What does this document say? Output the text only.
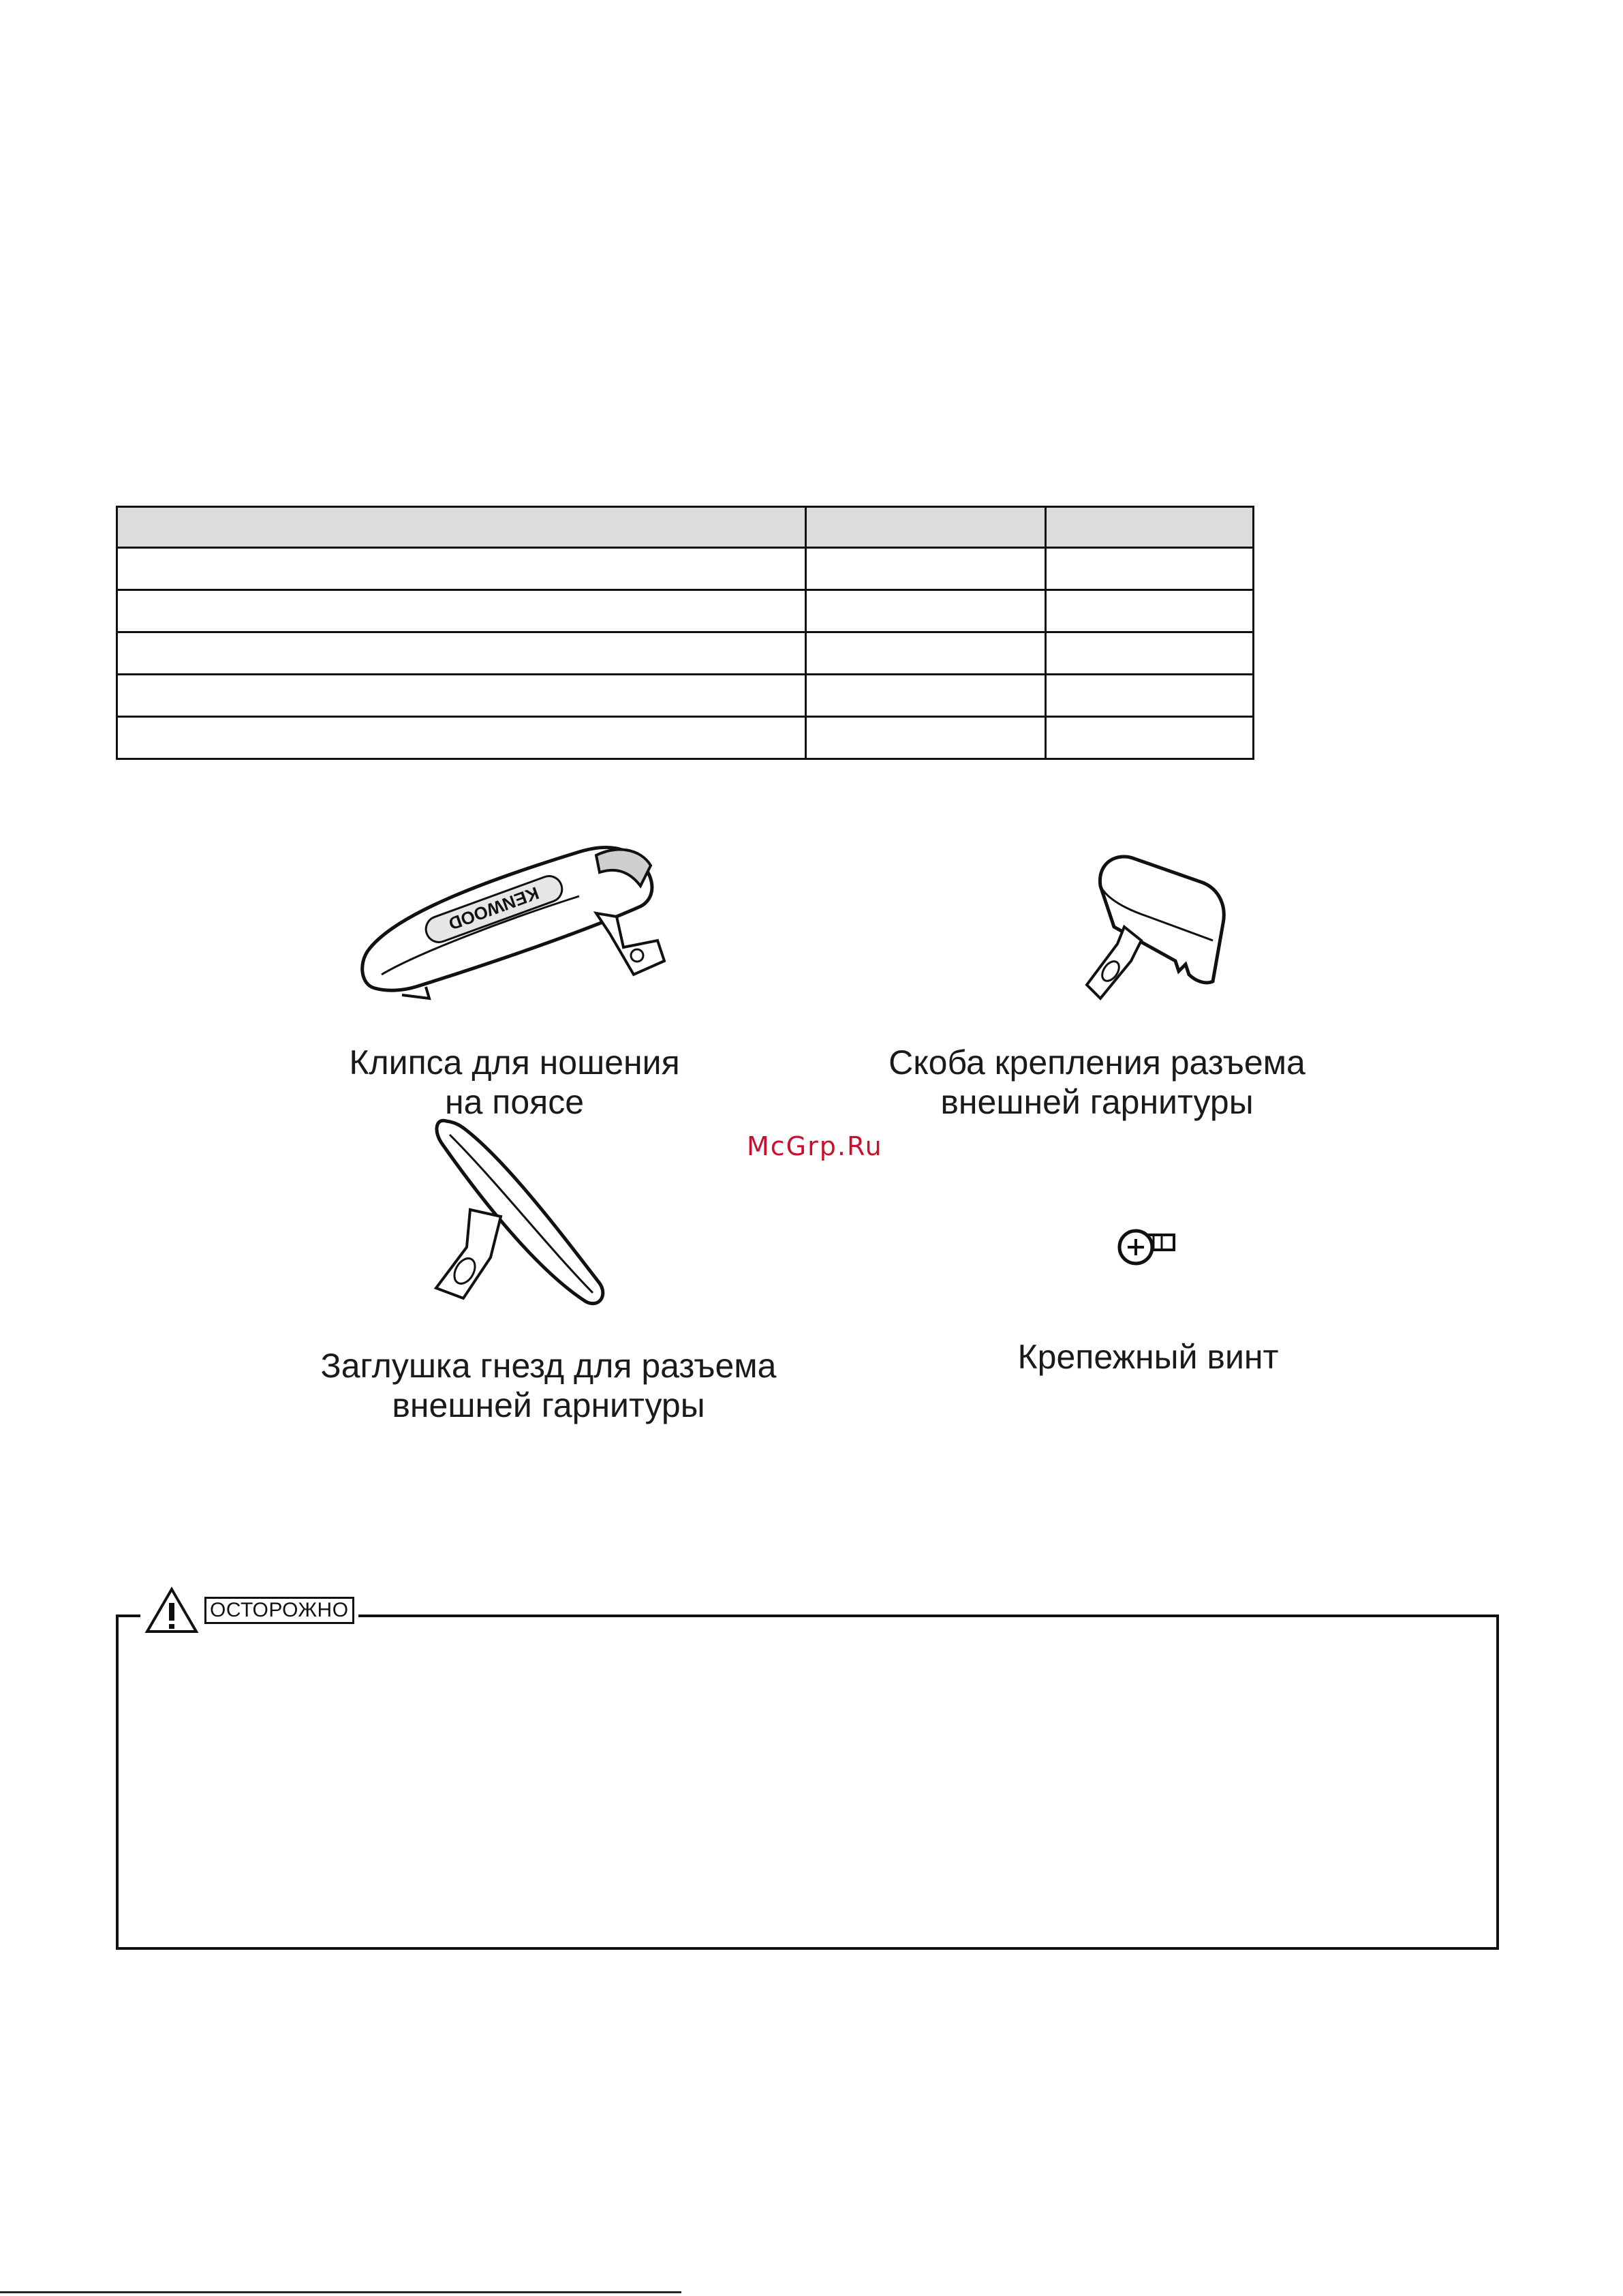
KENWOOD
Клипса для ношения
на поясе
Скоба крепления разъема
внешней гарнитуры
McGrp.Ru
Заглушка гнезд для разъема
внешней гарнитуры
Крепежный винт
ОСТОРОЖНО
